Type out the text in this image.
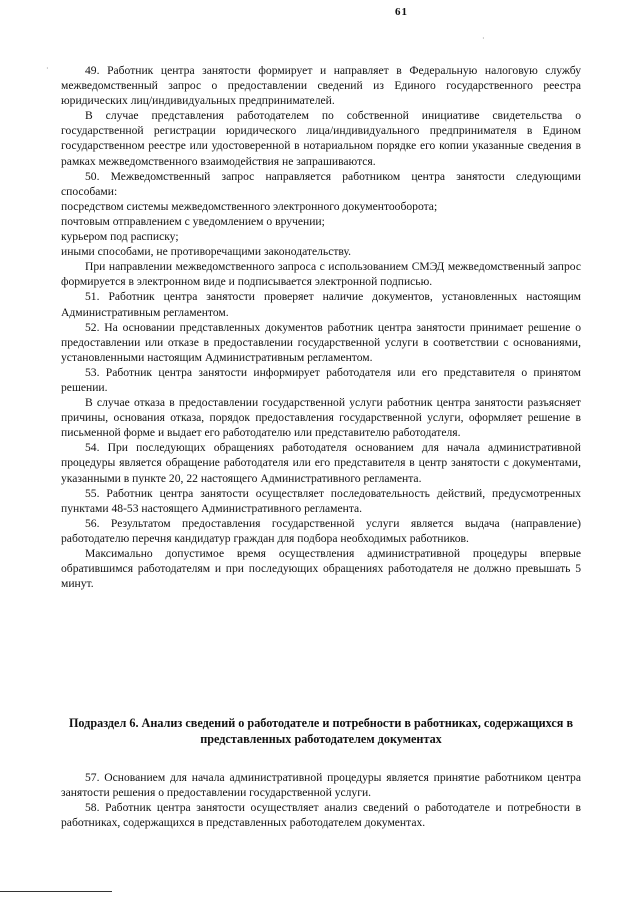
61
·
·	49. Работник центра занятости формирует и направляет в Федеральную налоговую службу межведомственный запрос о предоставлении сведений из Единого государственного реестра юридических лиц/индивидуальных предпринимателей.

В случае представления работодателем по собственной инициативе свидетельства о государственной регистрации юридического лица/индивидуального предпринимателя в Едином государственном реестре или удостоверенной в нотариальном порядке его копии указанные сведения в рамках межведомственного взаимодействия не запрашиваются.

50. Межведомственный запрос направляется работником центра занятости следующими способами:

посредством системы межведомственного электронного документооборота;

почтовым отправлением с уведомлением о вручении;

курьером под расписку;

иными способами, не противоречащими законодательству.

При направлении межведомственного запроса с использованием СМЭД межведомственный запрос формируется в электронном виде и подписывается электронной подписью.

51. Работник центра занятости проверяет наличие документов, установленных настоящим Административным регламентом.

52. На основании представленных документов работник центра занятости принимает решение о предоставлении или отказе в предоставлении государственной услуги в соответствии с основаниями, установленными настоящим Административным регламентом.

53. Работник центра занятости информирует работодателя или его представителя о принятом решении.

В случае отказа в предоставлении государственной услуги работник центра занятости разъясняет причины, основания отказа, порядок предоставления государственной услуги, оформляет решение в письменной форме и выдает его работодателю или представителю работодателя.

54. При последующих обращениях работодателя основанием для начала административной процедуры является обращение работодателя или его представителя в центр занятости с документами, указанными в пункте 20, 22 настоящего Административного регламента.

55. Работник центра занятости осуществляет последовательность действий, предусмотренных пунктами 48-53 настоящего Административного регламента.

56. Результатом предоставления государственной услуги является выдача (направление) работодателю перечня кандидатур граждан для подбора необходимых работников.

Максимально допустимое время осуществления административной процедуры впервые обратившимся работодателям и при последующих обращениях работодателя не должно превышать 5 минут.

Подраздел 6. Анализ сведений о работодателе и потребности в работниках, содержащихся в представленных работодателем документах

57. Основанием для начала административной процедуры является принятие работником центра занятости решения о предоставлении государственной услуги.

58. Работник центра занятости осуществляет анализ сведений о работодателе и потребности в работниках, содержащихся в представленных работодателем документах.
